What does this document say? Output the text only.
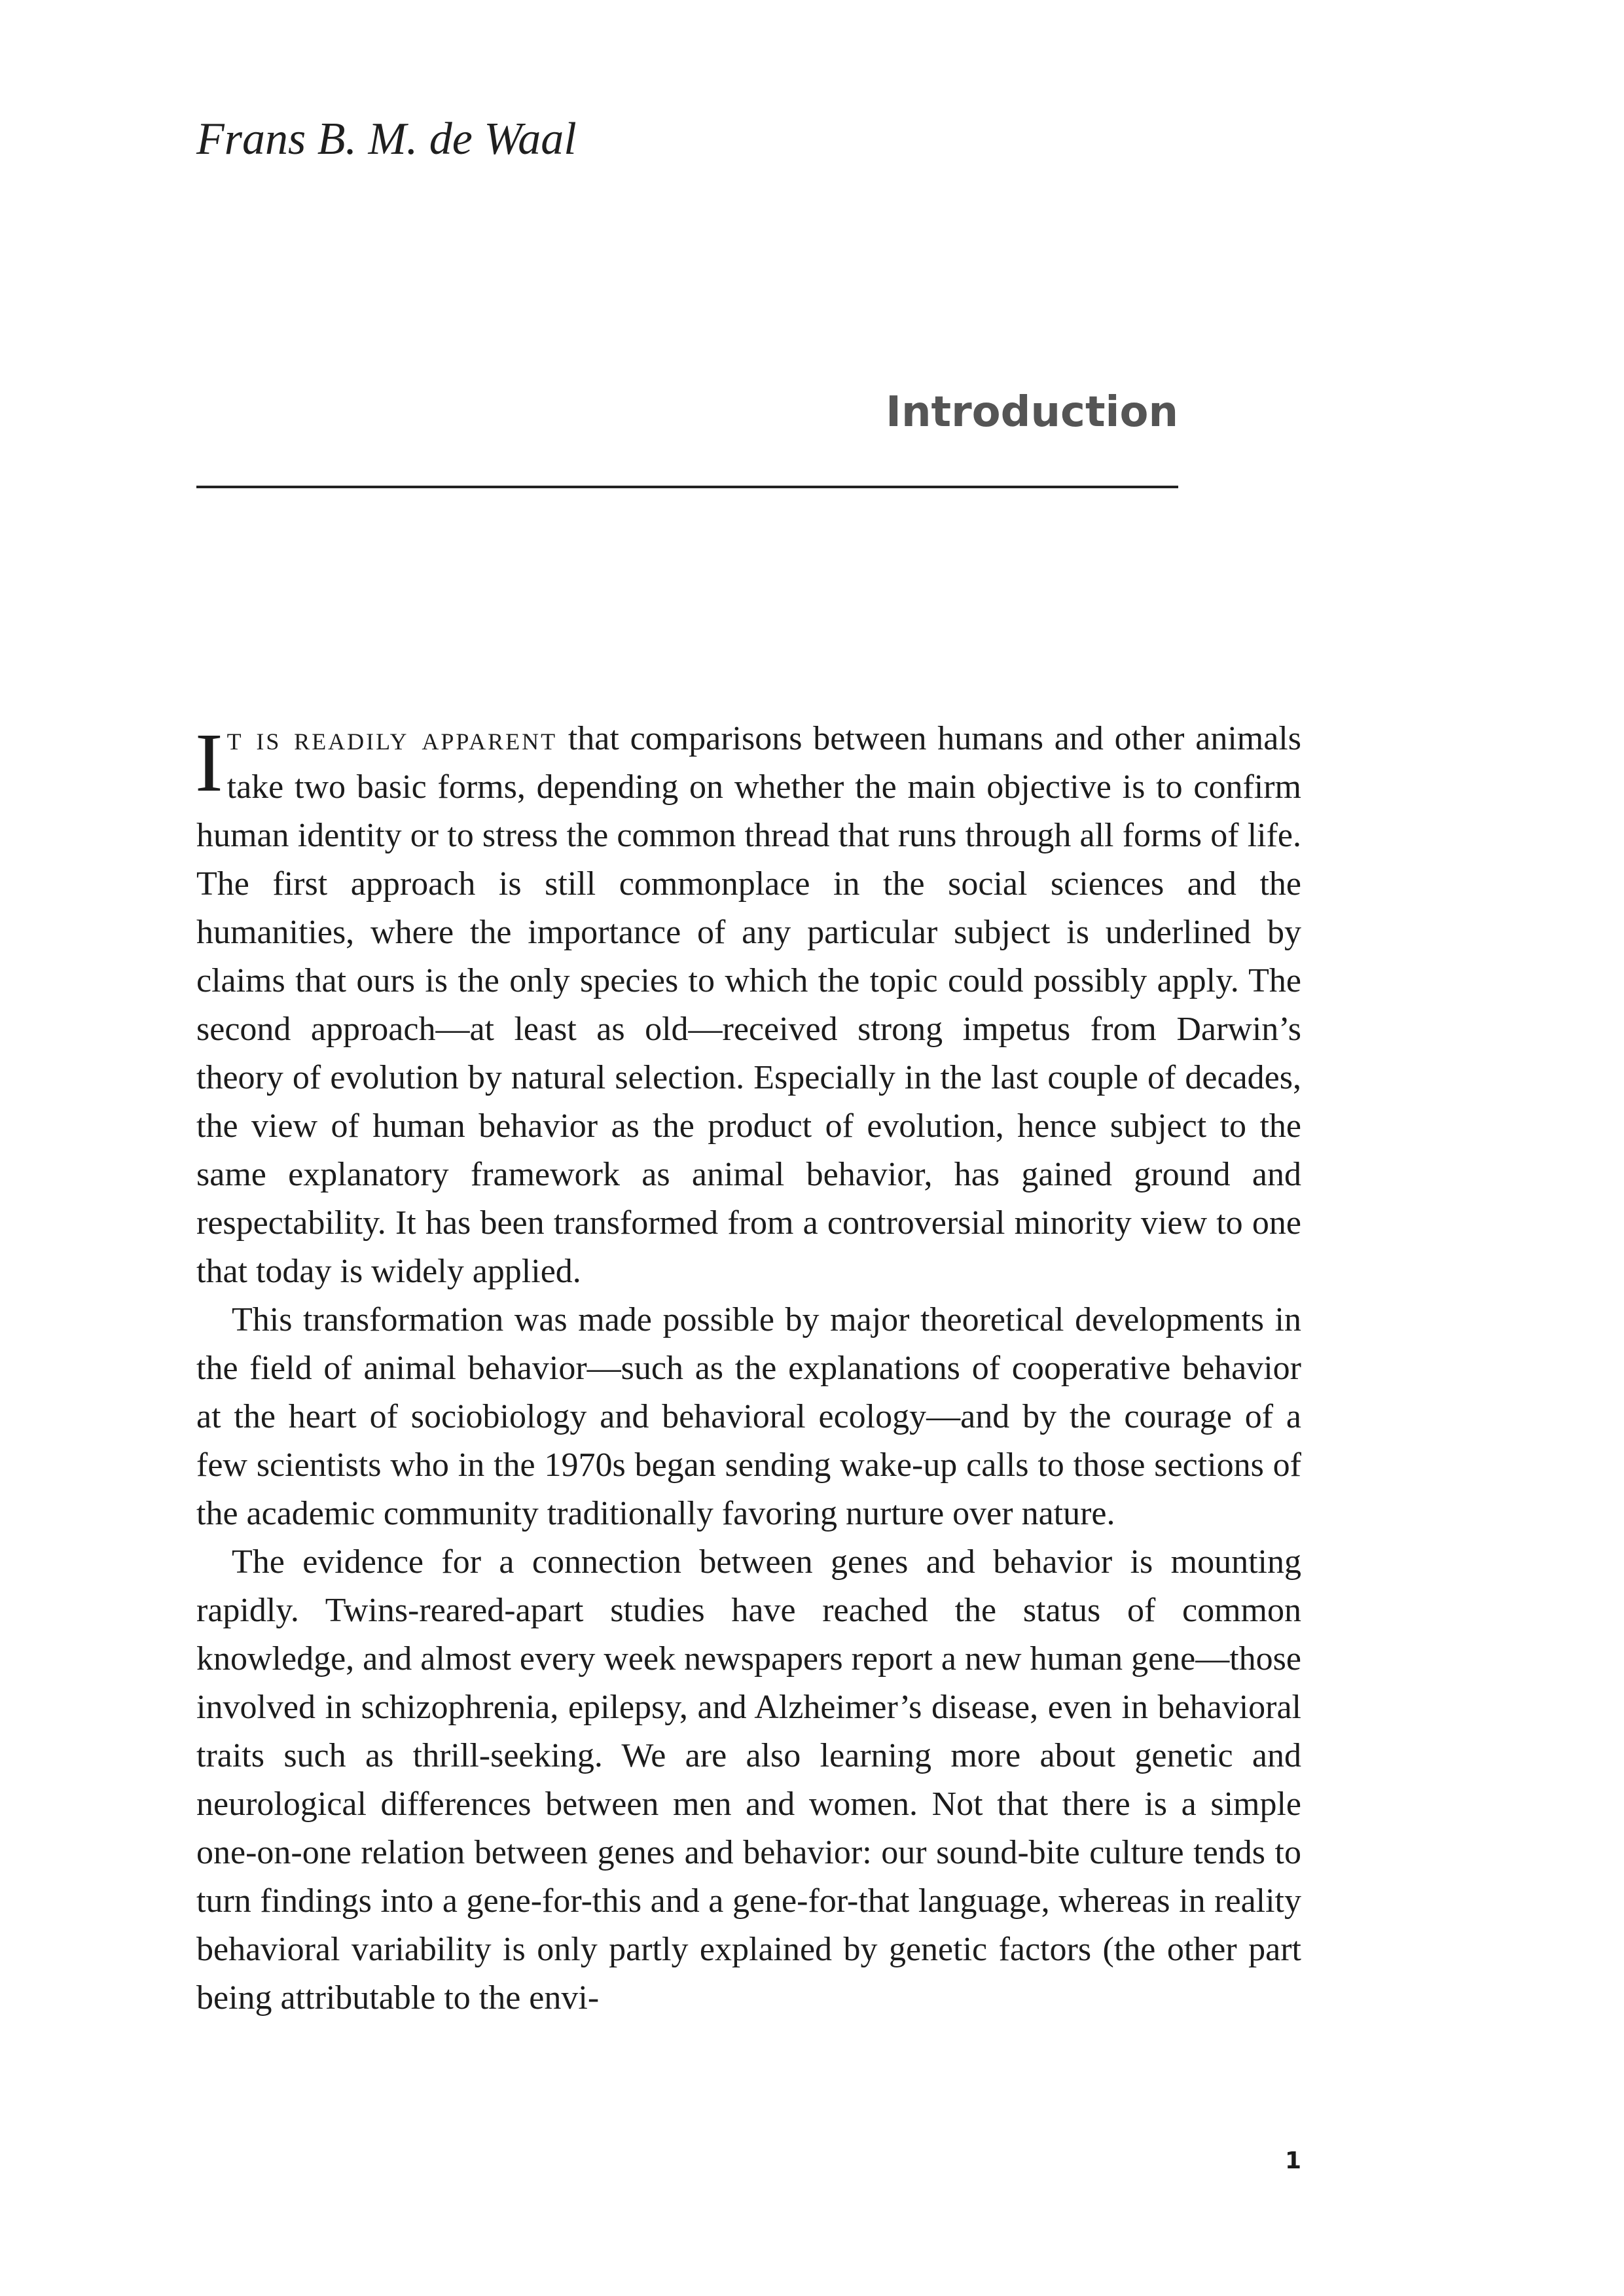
Frans B. M. de Waal
Introduction

It is readily apparent that comparisons between humans and other animals take two basic forms, depending on whether the main objective is to confirm human identity or to stress the common thread that runs through all forms of life. The first approach is still commonplace in the social sciences and the humanities, where the importance of any particular subject is underlined by claims that ours is the only species to which the topic could possibly apply. The second approach—at least as old—received strong impetus from Darwin’s theory of evolution by natural selection. Especially in the last couple of decades, the view of human behavior as the product of evolution, hence subject to the same explanatory framework as animal behavior, has gained ground and respectability. It has been transformed from a controversial minority view to one that today is widely applied.

This transformation was made possible by major theoretical developments in the field of animal behavior—such as the explanations of cooperative behavior at the heart of sociobiology and behavioral ecology—and by the courage of a few scientists who in the 1970s began sending wake-up calls to those sections of the academic community traditionally favoring nurture over nature.

The evidence for a connection between genes and behavior is mounting rapidly. Twins-reared-apart studies have reached the status of common knowledge, and almost every week newspapers report a new human gene—those involved in schizophrenia, epilepsy, and Alzheimer’s disease, even in behavioral traits such as thrill-seeking. We are also learning more about genetic and neurological differences between men and women. Not that there is a simple one-on-one relation between genes and behavior: our sound-bite culture tends to turn findings into a gene-for-this and a gene-for-that language, whereas in reality behavioral variability is only partly explained by genetic factors (the other part being attributable to the envi-

1
